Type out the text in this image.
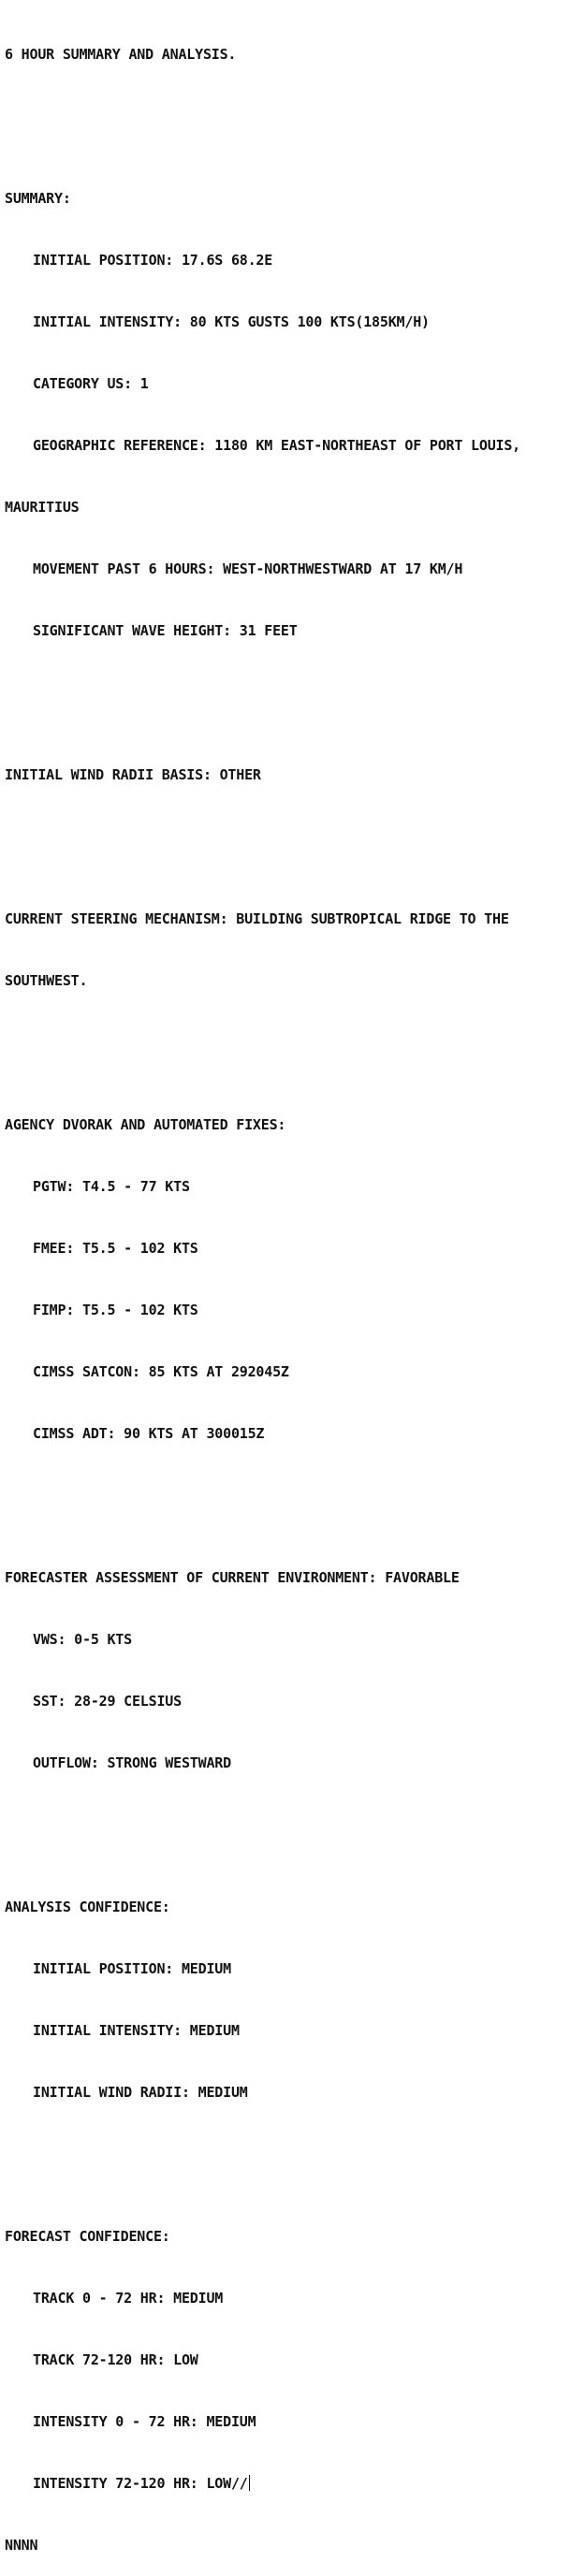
6 HOUR SUMMARY AND ANALYSIS.

SUMMARY:

INITIAL POSITION: 17.6S 68.2E

INITIAL INTENSITY: 80 KTS GUSTS 100 KTS(185KM/H)

CATEGORY US: 1

GEOGRAPHIC REFERENCE: 1180 KM EAST-NORTHEAST OF PORT LOUIS,

MAURITIUS

MOVEMENT PAST 6 HOURS: WEST-NORTHWESTWARD AT 17 KM/H

SIGNIFICANT WAVE HEIGHT: 31 FEET

INITIAL WIND RADII BASIS: OTHER

CURRENT STEERING MECHANISM: BUILDING SUBTROPICAL RIDGE TO THE

SOUTHWEST.

AGENCY DVORAK AND AUTOMATED FIXES:

PGTW: T4.5 - 77 KTS

FMEE: T5.5 - 102 KTS

FIMP: T5.5 - 102 KTS

CIMSS SATCON: 85 KTS AT 292045Z

CIMSS ADT: 90 KTS AT 300015Z

FORECASTER ASSESSMENT OF CURRENT ENVIRONMENT: FAVORABLE

VWS: 0-5 KTS

SST: 28-29 CELSIUS

OUTFLOW: STRONG WESTWARD

ANALYSIS CONFIDENCE:

INITIAL POSITION: MEDIUM

INITIAL INTENSITY: MEDIUM

INITIAL WIND RADII: MEDIUM

FORECAST CONFIDENCE:

TRACK 0 - 72 HR: MEDIUM

TRACK 72-120 HR: LOW

INTENSITY 0 - 72 HR: MEDIUM

INTENSITY 72-120 HR: LOW//

NNNN
